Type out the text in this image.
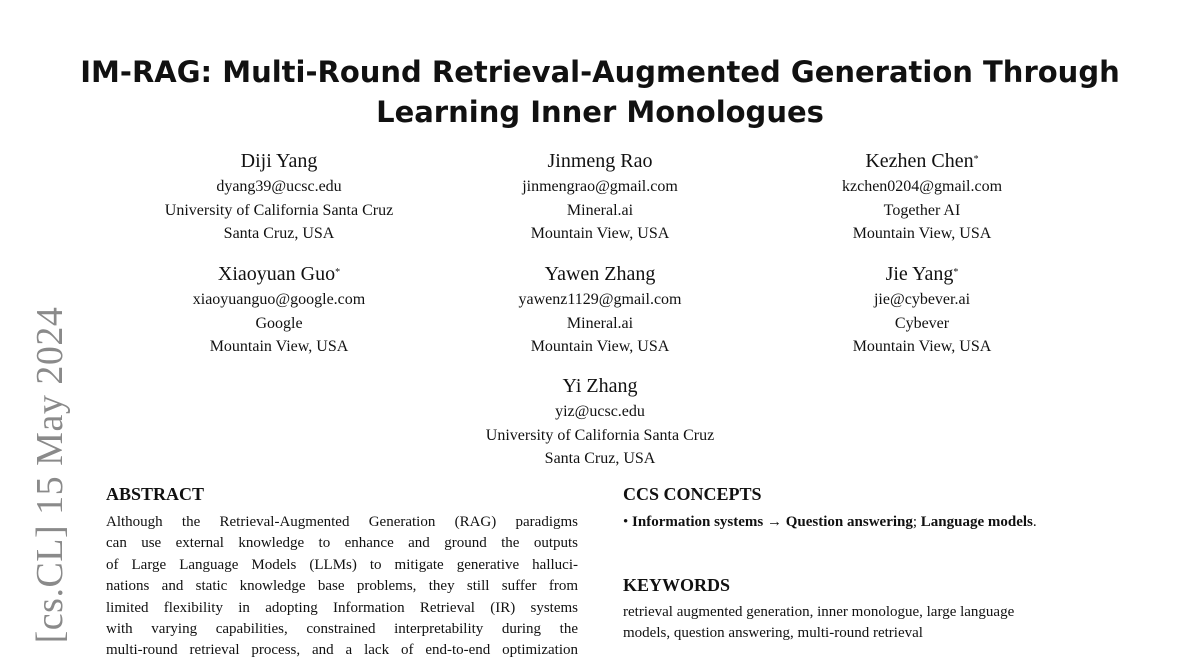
[cs.CL] 15 May 2024
IM-RAG: Multi-Round Retrieval-Augmented Generation Through
Learning Inner Monologues
Diji Yang
dyang39@ucsc.edu
University of California Santa Cruz
Santa Cruz, USA
Jinmeng Rao
jinmengrao@gmail.com
Mineral.ai
Mountain View, USA
Kezhen Chen*
kzchen0204@gmail.com
Together AI
Mountain View, USA
Xiaoyuan Guo*
xiaoyuanguo@google.com
Google
Mountain View, USA
Yawen Zhang
yawenz1129@gmail.com
Mineral.ai
Mountain View, USA
Jie Yang*
jie@cybever.ai
Cybever
Mountain View, USA
Yi Zhang
yiz@ucsc.edu
University of California Santa Cruz
Santa Cruz, USA
ABSTRACT
Although the Retrieval-Augmented Generation (RAG) paradigms
can use external knowledge to enhance and ground the outputs
of Large Language Models (LLMs) to mitigate generative halluci-
nations and static knowledge base problems, they still suffer from
limited flexibility in adopting Information Retrieval (IR) systems
with varying capabilities, constrained interpretability during the
multi-round retrieval process, and a lack of end-to-end optimization
CCS CONCEPTS
• Information systems → Question answering; Language models.
KEYWORDS
retrieval augmented generation, inner monologue, large language
models, question answering, multi-round retrieval
